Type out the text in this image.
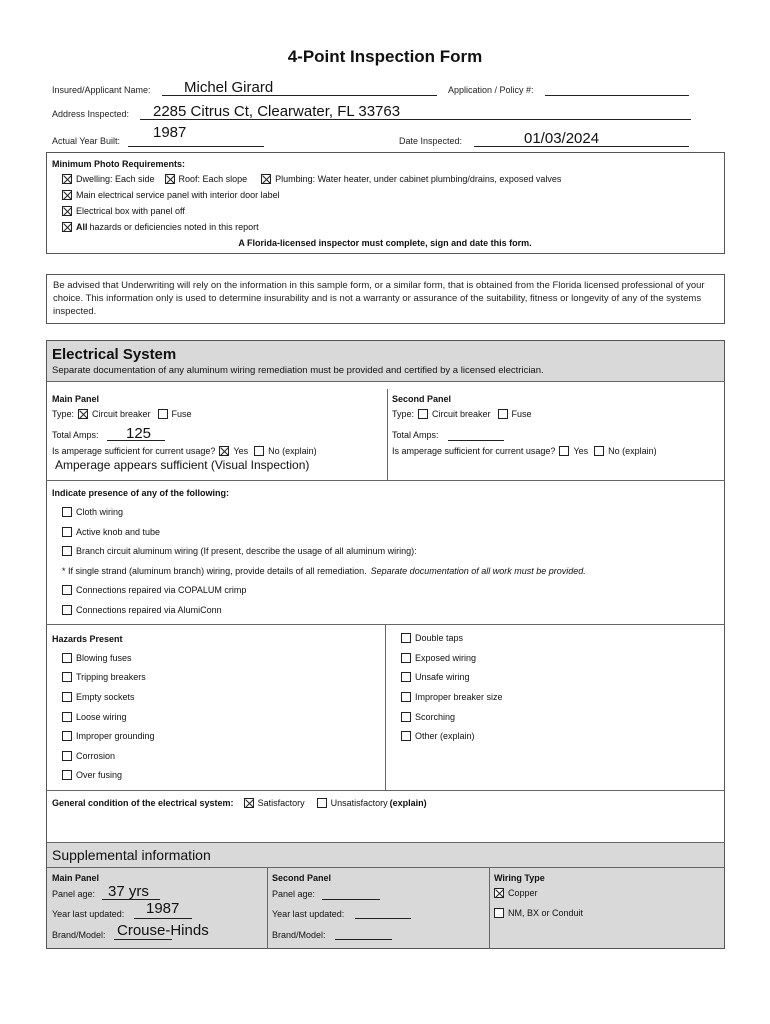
4-Point Inspection Form
Insured/Applicant Name: Michel Girard	Application / Policy #:
Address Inspected: 2285 Citrus Ct, Clearwater, FL 33763
Actual Year Built: 1987	Date Inspected:	01/03/2024
Minimum Photo Requirements:
Dwelling: Each side	Roof: Each slope	Plumbing: Water heater, under cabinet plumbing/drains, exposed valves
Main electrical service panel with interior door label
Electrical box with panel off
All hazards or deficiencies noted in this report
A Florida-licensed inspector must complete, sign and date this form.
Be advised that Underwriting will rely on the information in this sample form, or a similar form, that is obtained from the Florida licensed professional of your choice. This information only is used to determine insurability and is not a warranty or assurance of the suitability, fitness or longevity of any of the systems inspected.
Electrical System
Separate documentation of any aluminum wiring remediation must be provided and certified by a licensed electrician.
Main Panel
Type: Circuit breaker Fuse
Total Amps: 125
Is amperage sufficient for current usage? Yes No (explain)
Amperage appears sufficient (Visual Inspection)
Second Panel
Type: Circuit breaker Fuse
Total Amps:
Is amperage sufficient for current usage? Yes No (explain)
Indicate presence of any of the following:
Cloth wiring
Active knob and tube
Branch circuit aluminum wiring (If present, describe the usage of all aluminum wiring):
* If single strand (aluminum branch) wiring, provide details of all remediation. Separate documentation of all work must be provided.
Connections repaired via COPALUM crimp
Connections repaired via AlumiConn
Hazards Present
Blowing fuses
Tripping breakers
Empty sockets
Loose wiring
Improper grounding
Corrosion
Over fusing
Double taps
Exposed wiring
Unsafe wiring
Improper breaker size
Scorching
Other (explain)
General condition of the electrical system:	Satisfactory	Unsatisfactory (explain)
Supplemental information
Main Panel
Panel age: 37 yrs
Year last updated: 1987
Brand/Model: Crouse-Hinds
Second Panel
Panel age:
Year last updated:
Brand/Model:
Wiring Type
Copper
NM, BX or Conduit
